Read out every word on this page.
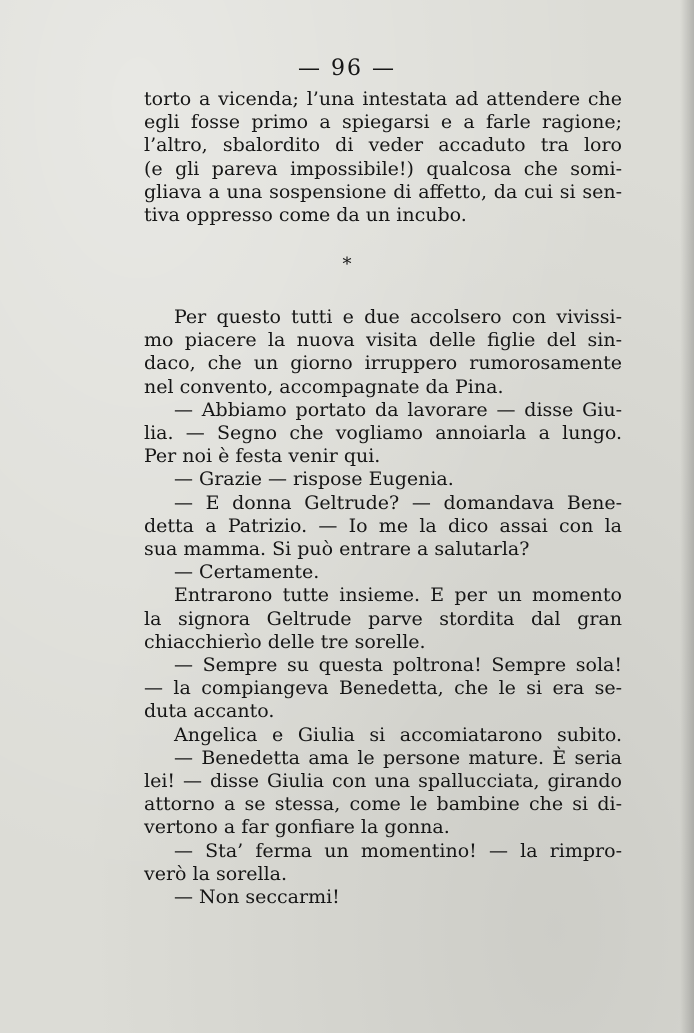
— 96 —
torto a vicenda; l’una intestata ad attendere che
egli fosse primo a spiegarsi e a farle ragione;
l’altro, sbalordito di veder accaduto tra loro
(e gli pareva impossibile!) qualcosa che somi-
gliava a una sospensione di affetto, da cui si sen-
tiva oppresso come da un incubo.
*
Per questo tutti e due accolsero con vivissi-
mo piacere la nuova visita delle figlie del sin-
daco, che un giorno irruppero rumorosamente
nel convento, accompagnate da Pina.
— Abbiamo portato da lavorare — disse Giu-
lia. — Segno che vogliamo annoiarla a lungo.
Per noi è festa venir qui.
— Grazie — rispose Eugenia.
— E donna Geltrude? — domandava Bene-
detta a Patrizio. — Io me la dico assai con la
sua mamma. Si può entrare a salutarla?
— Certamente.
Entrarono tutte insieme. E per un momento
la signora Geltrude parve stordita dal gran
chiacchierìo delle tre sorelle.
— Sempre su questa poltrona! Sempre sola!
— la compiangeva Benedetta, che le si era se-
duta accanto.
Angelica e Giulia si accomiatarono subito.
— Benedetta ama le persone mature. È seria
lei! — disse Giulia con una spallucciata, girando
attorno a se stessa, come le bambine che si di-
vertono a far gonfiare la gonna.
— Sta’ ferma un momentino! — la rimpro-
verò la sorella.
— Non seccarmi!
